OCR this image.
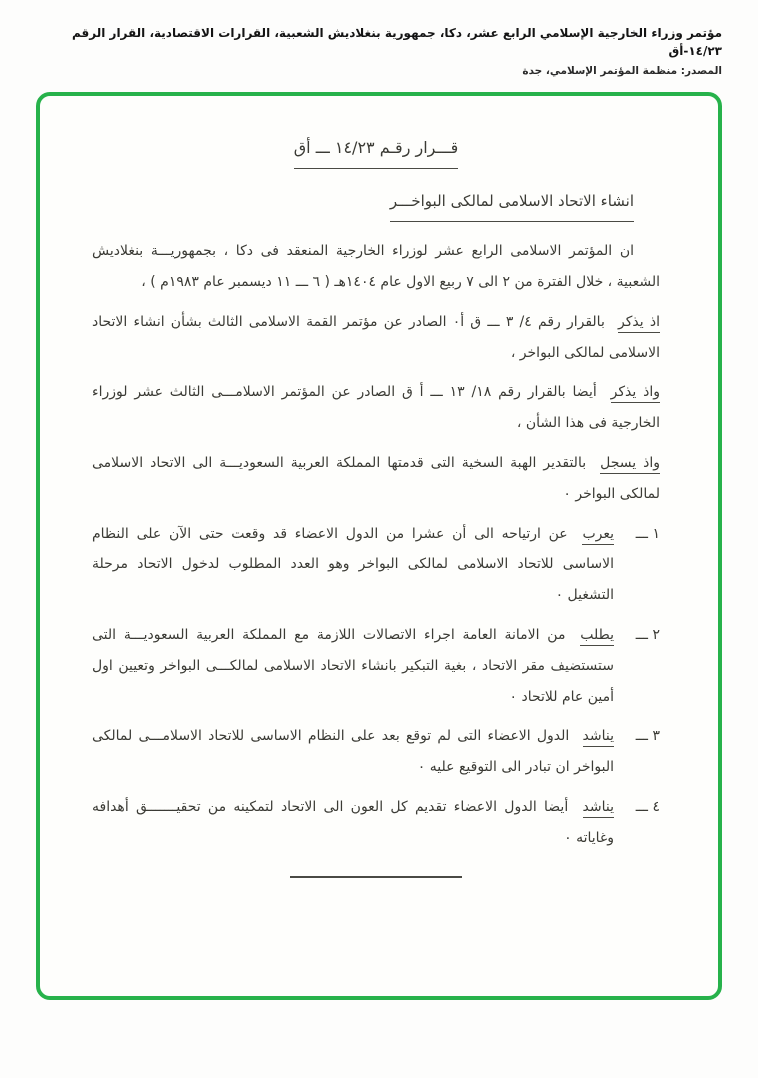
مؤتمر وزراء الخارجية الإسلامي الرابع عشر، دكا، جمهورية بنغلاديش الشعبية، القرارات الاقتصادية، القرار الرقم ١٤/٢٣-أق
المصدر: منظمة المؤتمر الإسلامي، جدة
قـــرار رقـم ١٤/٢٣ ـــ أق
انشاء الاتحاد الاسلامى لمالكى البواخـــر

ان المؤتمر الاسلامى الرابع عشر لوزراء الخارجية المنعقد فى دكا ، بجمهوريـــة بنغلاديش الشعبية ، خلال الفترة من ٢ الى ٧ ربيع الاول عام ١٤٠٤هـ ( ٦ ـــ ١١ ديسمبر عام ١٩٨٣م ) ،

اذ يذكر بالقرار رقم ٤/ ٣ ـــ ق أ٠ الصادر عن مؤتمر القمة الاسلامى الثالث بشأن انشاء الاتحاد الاسلامى لمالكى البواخر ،

واذ يذكر أيضا بالقرار رقم ١٨/ ١٣ ـــ أ ق الصادر عن المؤتمر الاسلامـــى الثالث عشر لوزراء الخارجية فى هذا الشأن ،

واذ يسجل بالتقدير الهبة السخية التى قدمتها المملكة العربية السعوديـــة الى الاتحاد الاسلامى لمالكى البواخر ٠

١ ـــ
يعرب عن ارتياحه الى أن عشرا من الدول الاعضاء قد وقعت حتى الآن على النظام الاساسى للاتحاد الاسلامى لمالكى البواخر وهو العدد المطلوب لدخول الاتحاد مرحلة التشغيل ٠
٢ ـــ
يطلب من الامانة العامة اجراء الاتصالات اللازمة مع المملكة العربية السعوديـــة التى ستستضيف مقر الاتحاد ، بغية التبكير بانشاء الاتحاد الاسلامى لمالكـــى البواخر وتعيين اول أمين عام للاتحاد ٠
٣ ـــ
يناشد الدول الاعضاء التى لم توقع بعد على النظام الاساسى للاتحاد الاسلامـــى لمالكى البواخر ان تبادر الى التوقيع عليه ٠
٤ ـــ
يناشد أيضا الدول الاعضاء تقديم كل العون الى الاتحاد لتمكينه من تحقيـــــــق أهدافه وغاياته ٠
